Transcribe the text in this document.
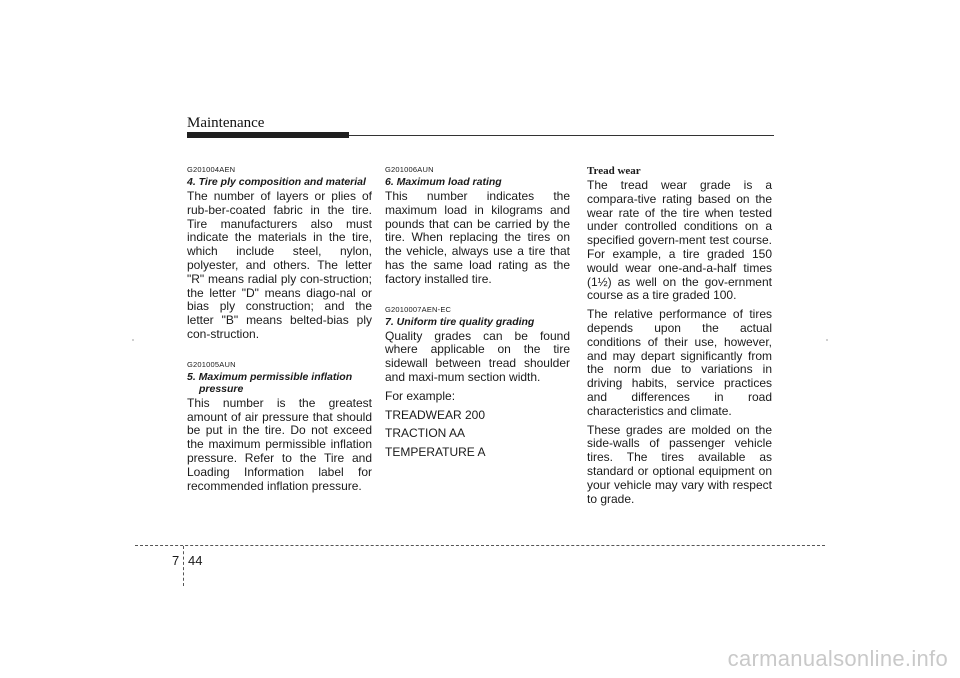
Maintenance
G201004AEN
4. Tire ply composition and material
The number of layers or plies of rub-ber-coated fabric in the tire. Tire manufacturers also must indicate the materials in the tire, which include steel, nylon, polyester, and others. The letter "R" means radial ply con-struction; the letter "D" means diago-nal or bias ply construction; and the letter "B" means belted-bias ply con-struction.
G201005AUN
5. Maximum permissible inflation pressure
This number is the greatest amount of air pressure that should be put in the tire. Do not exceed the maximum permissible inflation pressure. Refer to the Tire and Loading Information label for recommended inflation pressure.
G201006AUN
6. Maximum load rating
This number indicates the maximum load in kilograms and pounds that can be carried by the tire. When replacing the tires on the vehicle, always use a tire that has the same load rating as the factory installed tire.
G2010007AEN-EC
7. Uniform tire quality grading
Quality grades can be found where applicable on the tire sidewall between tread shoulder and maxi-mum section width.
For example:
TREADWEAR 200
TRACTION AA
TEMPERATURE A
Tread wear
The tread wear grade is a compara-tive rating based on the wear rate of the tire when tested under controlled conditions on a specified govern-ment test course. For example, a tire graded 150 would wear one-and-a-half times (1½) as well on the gov-ernment course as a tire graded 100.
The relative performance of tires depends upon the actual conditions of their use, however, and may depart significantly from the norm due to variations in driving habits, service practices and differences in road characteristics and climate.
These grades are molded on the side-walls of passenger vehicle tires. The tires available as standard or optional equipment on your vehicle may vary with respect to grade.
7 44
carmanualsonline.info
